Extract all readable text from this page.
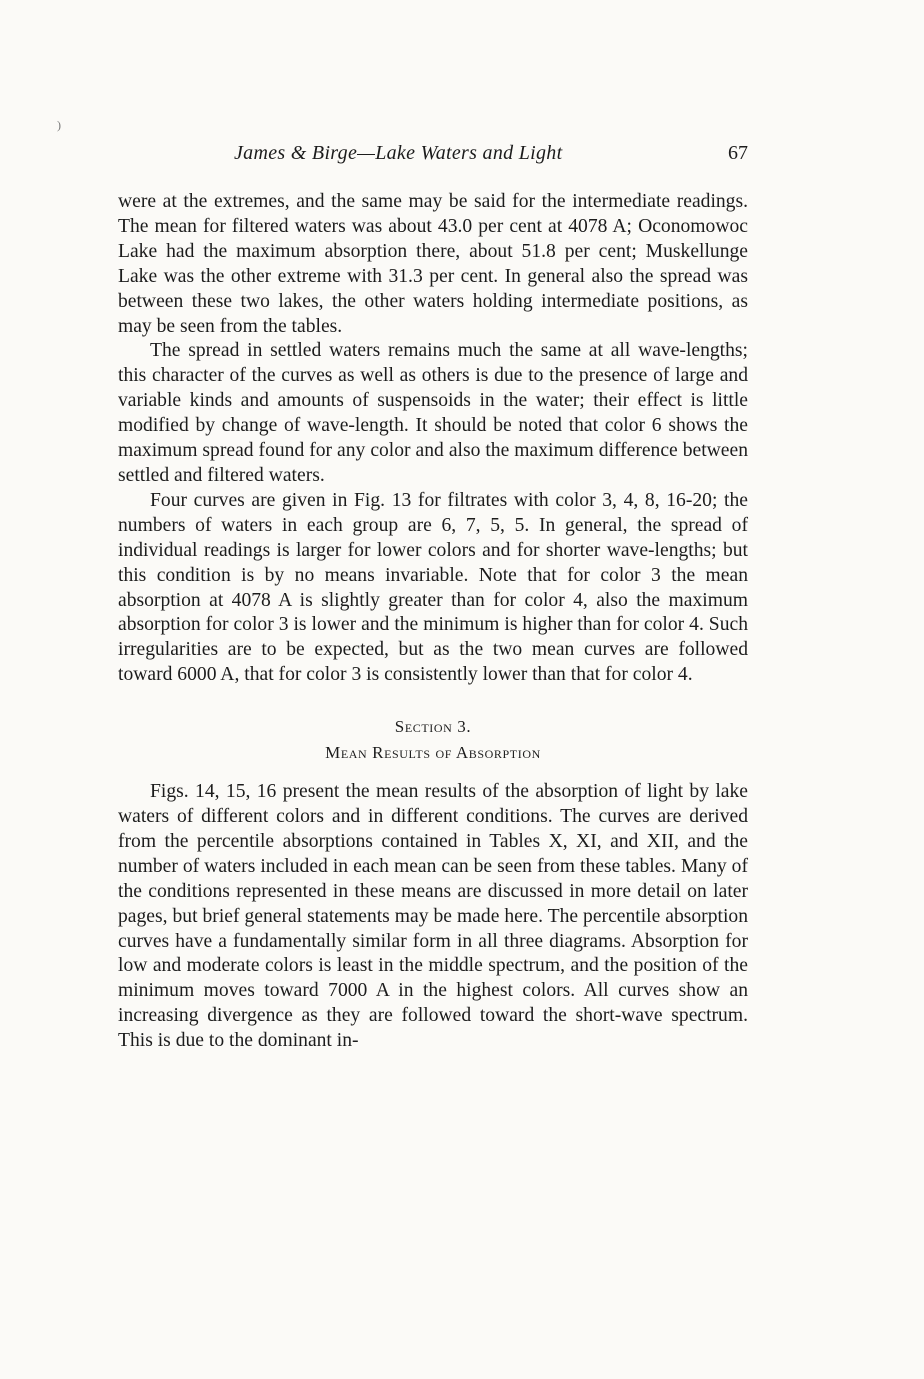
)
James & Birge—Lake Waters and Light	67

were at the extremes, and the same may be said for the intermediate readings. The mean for filtered waters was about 43.0 per cent at 4078 A; Oconomowoc Lake had the maximum absorption there, about 51.8 per cent; Muskellunge Lake was the other extreme with 31.3 per cent. In general also the spread was between these two lakes, the other waters holding intermediate positions, as may be seen from the tables.

The spread in settled waters remains much the same at all wave-lengths; this character of the curves as well as others is due to the presence of large and variable kinds and amounts of suspensoids in the water; their effect is little modified by change of wave-length. It should be noted that color 6 shows the maximum spread found for any color and also the maximum difference between settled and filtered waters.

Four curves are given in Fig. 13 for filtrates with color 3, 4, 8, 16-20; the numbers of waters in each group are 6, 7, 5, 5. In general, the spread of individual readings is larger for lower colors and for shorter wave-lengths; but this condition is by no means invariable. Note that for color 3 the mean absorption at 4078 A is slightly greater than for color 4, also the maximum absorption for color 3 is lower and the minimum is higher than for color 4. Such irregularities are to be expected, but as the two mean curves are followed toward 6000 A, that for color 3 is consistently lower than that for color 4.

Section 3.
Mean Results of Absorption

Figs. 14, 15, 16 present the mean results of the absorption of light by lake waters of different colors and in different conditions. The curves are derived from the percentile absorptions contained in Tables X, XI, and XII, and the number of waters included in each mean can be seen from these tables. Many of the conditions represented in these means are discussed in more detail on later pages, but brief general statements may be made here. The percentile absorption curves have a fundamentally similar form in all three diagrams. Absorption for low and moderate colors is least in the middle spectrum, and the position of the minimum moves toward 7000 A in the highest colors. All curves show an increasing divergence as they are followed toward the short-wave spectrum. This is due to the dominant in-
